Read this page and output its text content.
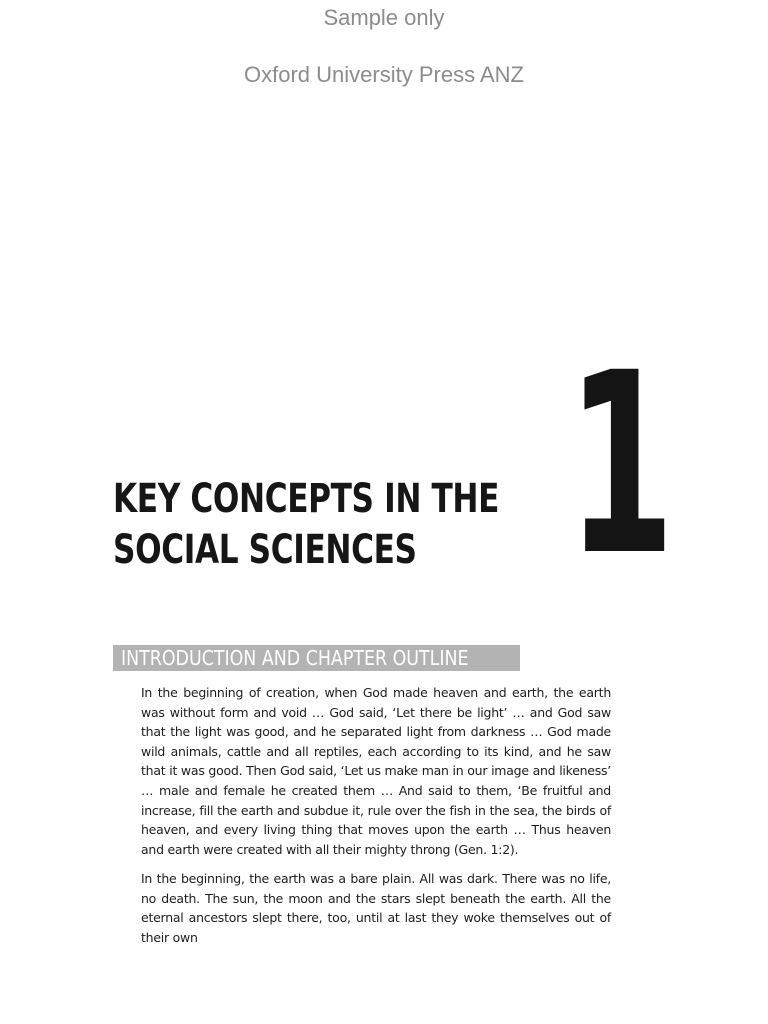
Sample only
Oxford University Press ANZ
1
KEY CONCEPTS IN THE SOCIAL SCIENCES
INTRODUCTION AND CHAPTER OUTLINE

In the beginning of creation, when God made heaven and earth, the earth was without form and void … God said, ‘Let there be light’ … and God saw that the light was good, and he separated light from darkness … God made wild animals, cattle and all reptiles, each according to its kind, and he saw that it was good. Then God said, ‘Let us make man in our image and likeness’ … male and female he created them … And said to them, ‘Be fruitful and increase, fill the earth and subdue it, rule over the fish in the sea, the birds of heaven, and every living thing that moves upon the earth … Thus heaven and earth were created with all their mighty throng (Gen. 1:2).

In the beginning, the earth was a bare plain. All was dark. There was no life, no death. The sun, the moon and the stars slept beneath the earth. All the eternal ancestors slept there, too, until at last they woke themselves out of their own
